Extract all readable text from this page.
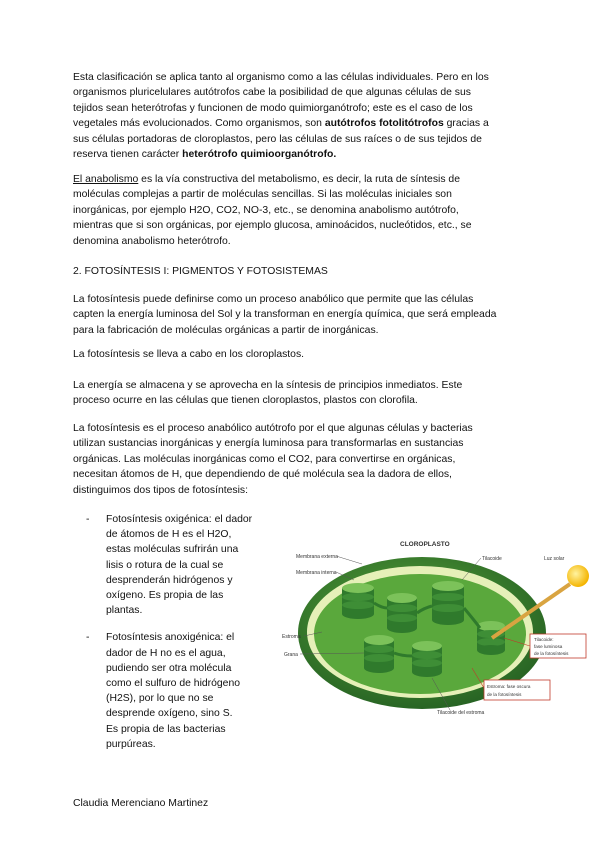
Esta clasificación se aplica tanto al organismo como a las células individuales. Pero en los
organismos pluricelulares autótrofos cabe la posibilidad de que algunas células de sus
tejidos sean heterótrofas y funcionen de modo quimiorganótrofo; este es el caso de los
vegetales más evolucionados. Como organismos, son autótrofos fotolitótrofos gracias a
sus células portadoras de cloroplastos, pero las células de sus raíces o de sus tejidos de
reserva tienen carácter heterótrofo quimioorganótrofo.

El anabolismo es la vía constructiva del metabolismo, es decir, la ruta de síntesis de
moléculas complejas a partir de moléculas sencillas. Si las moléculas iniciales son
inorgánicas, por ejemplo H2O, CO2, NO-3, etc., se denomina anabolismo autótrofo,
mientras que si son orgánicas, por ejemplo glucosa, aminoácidos, nucleótidos, etc., se
denomina anabolismo heterótrofo.

2. FOTOSÍNTESIS I: PIGMENTOS Y FOTOSISTEMAS

La fotosíntesis puede definirse como un proceso anabólico que permite que las células
capten la energía luminosa del Sol y la transforman en energía química, que será empleada
para la fabricación de moléculas orgánicas a partir de inorgánicas.

La fotosíntesis se lleva a cabo en los cloroplastos.

La energía se almacena y se aprovecha en la síntesis de principios inmediatos. Este
proceso ocurre en las células que tienen cloroplastos, plastos con clorofila.

La fotosíntesis es el proceso anabólico autótrofo por el que algunas células y bacterias
utilizan sustancias inorgánicas y energía luminosa para transformarlas en sustancias
orgánicas. Las moléculas inorgánicas como el CO2, para convertirse en orgánicas,
necesitan átomos de H, que dependiendo de qué molécula sea la dadora de ellos,
distinguimos dos tipos de fotosíntesis:

- Fotosíntesis oxigénica: el dador
de átomos de H es el H2O,
estas moléculas sufrirán una
lisis o rotura de la cual se
desprenderán hidrógenos y
oxígeno. Es propia de las
plantas.
- Fotosíntesis anoxigénica: el
dador de H no es el agua,
pudiendo ser otra molécula
como el sulfuro de hidrógeno
(H2S), por lo que no se
desprende oxígeno, sino S.
Es propia de las bacterias
purpúreas.
CLOROPLASTO
Membrana externa
Membrana interna
Tilacoide	Luz solar
Estroma
Grana
Tilacoide del estroma
Tilacoide:
fase luminosa
de la fotosíntesis
Estroma: fase oscura
de la fotosíntesis

Claudia Merenciano Martinez
